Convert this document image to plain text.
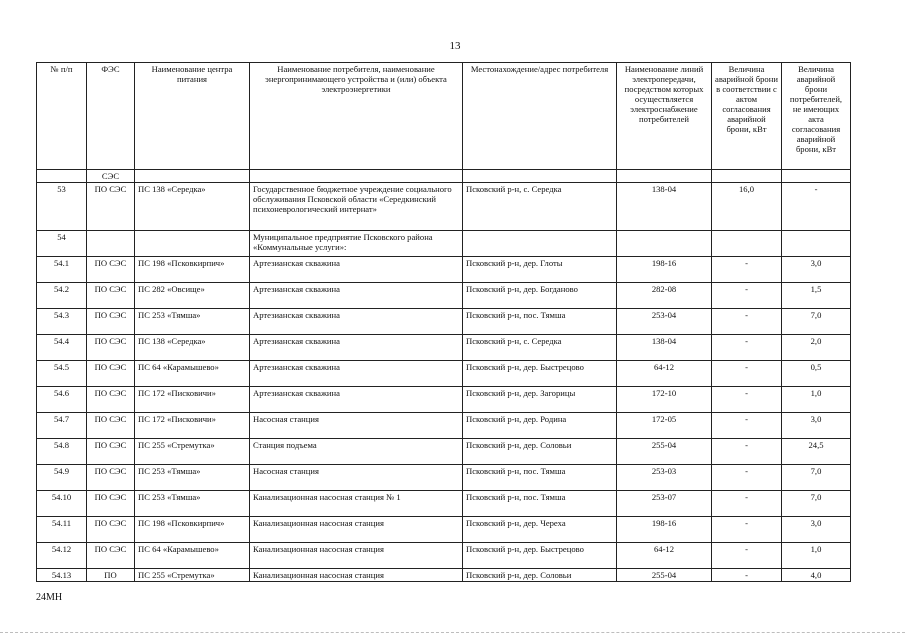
13
№ п/п	ФЭС	Наименование центра питания	Наименование потребителя, наименование энергопринимающего устройства и (или) объекта электроэнергетики	Местонахождение/адрес потребителя	Наименование линий электропередачи, посредством которых осуществляется электроснабжение потребителей	Величина аварийной брони в соответствии с актом согласования аварийной брони, кВт	Величина аварийной брони потребителей, не имеющих акта согласования аварийной брони, кВт
	СЭС						
53	ПО СЭС	ПС 138 «Середка»	Государственное бюджетное учреждение социального обслуживания Псковской области «Середкинский психоневрологический интернат»	Псковский р-н, с. Середка	138-04	16,0	-
54			Муниципальное предприятие Псковского района «Коммунальные услуги»:				
54.1	ПО СЭС	ПС 198 «Псковкирпич»	Артезианская скважина	Псковский р-н, дер. Глоты	198-16	-	3,0
54.2	ПО СЭС	ПС 282 «Овсище»	Артезианская скважина	Псковский р-н, дер. Богданово	282-08	-	1,5
54.3	ПО СЭС	ПС 253 «Тямша»	Артезианская скважина	Псковский р-н, пос. Тямша	253-04	-	7,0
54.4	ПО СЭС	ПС 138 «Середка»	Артезианская скважина	Псковский р-н, с. Середка	138-04	-	2,0
54.5	ПО СЭС	ПС 64 «Карамышево»	Артезианская скважина	Псковский р-н, дер. Быстрецово	64-12	-	0,5
54.6	ПО СЭС	ПС 172 «Писковичи»	Артезианская скважина	Псковский р-н, дер. Загорицы	172-10	-	1,0
54.7	ПО СЭС	ПС 172 «Писковичи»	Насосная станция	Псковский р-н, дер. Родина	172-05	-	3,0
54.8	ПО СЭС	ПС 255 «Стремутка»	Станция подъема	Псковский р-н, дер. Соловьи	255-04	-	24,5
54.9	ПО СЭС	ПС 253 «Тямша»	Насосная станция	Псковский р-н, пос. Тямша	253-03	-	7,0
54.10	ПО СЭС	ПС 253 «Тямша»	Канализационная насосная станция № 1	Псковский р-н, пос. Тямша	253-07	-	7,0
54.11	ПО СЭС	ПС 198 «Псковкирпич»	Канализационная насосная станция	Псковский р-н, дер. Череха	198-16	-	3,0
54.12	ПО СЭС	ПС 64 «Карамышево»	Канализационная насосная станция	Псковский р-н, дер. Быстрецово	64-12	-	1,0
54.13	ПО	ПС 255 «Стремутка»	Канализационная насосная станция	Псковский р-н, дер. Соловьи	255-04	-	4,0
24MH
